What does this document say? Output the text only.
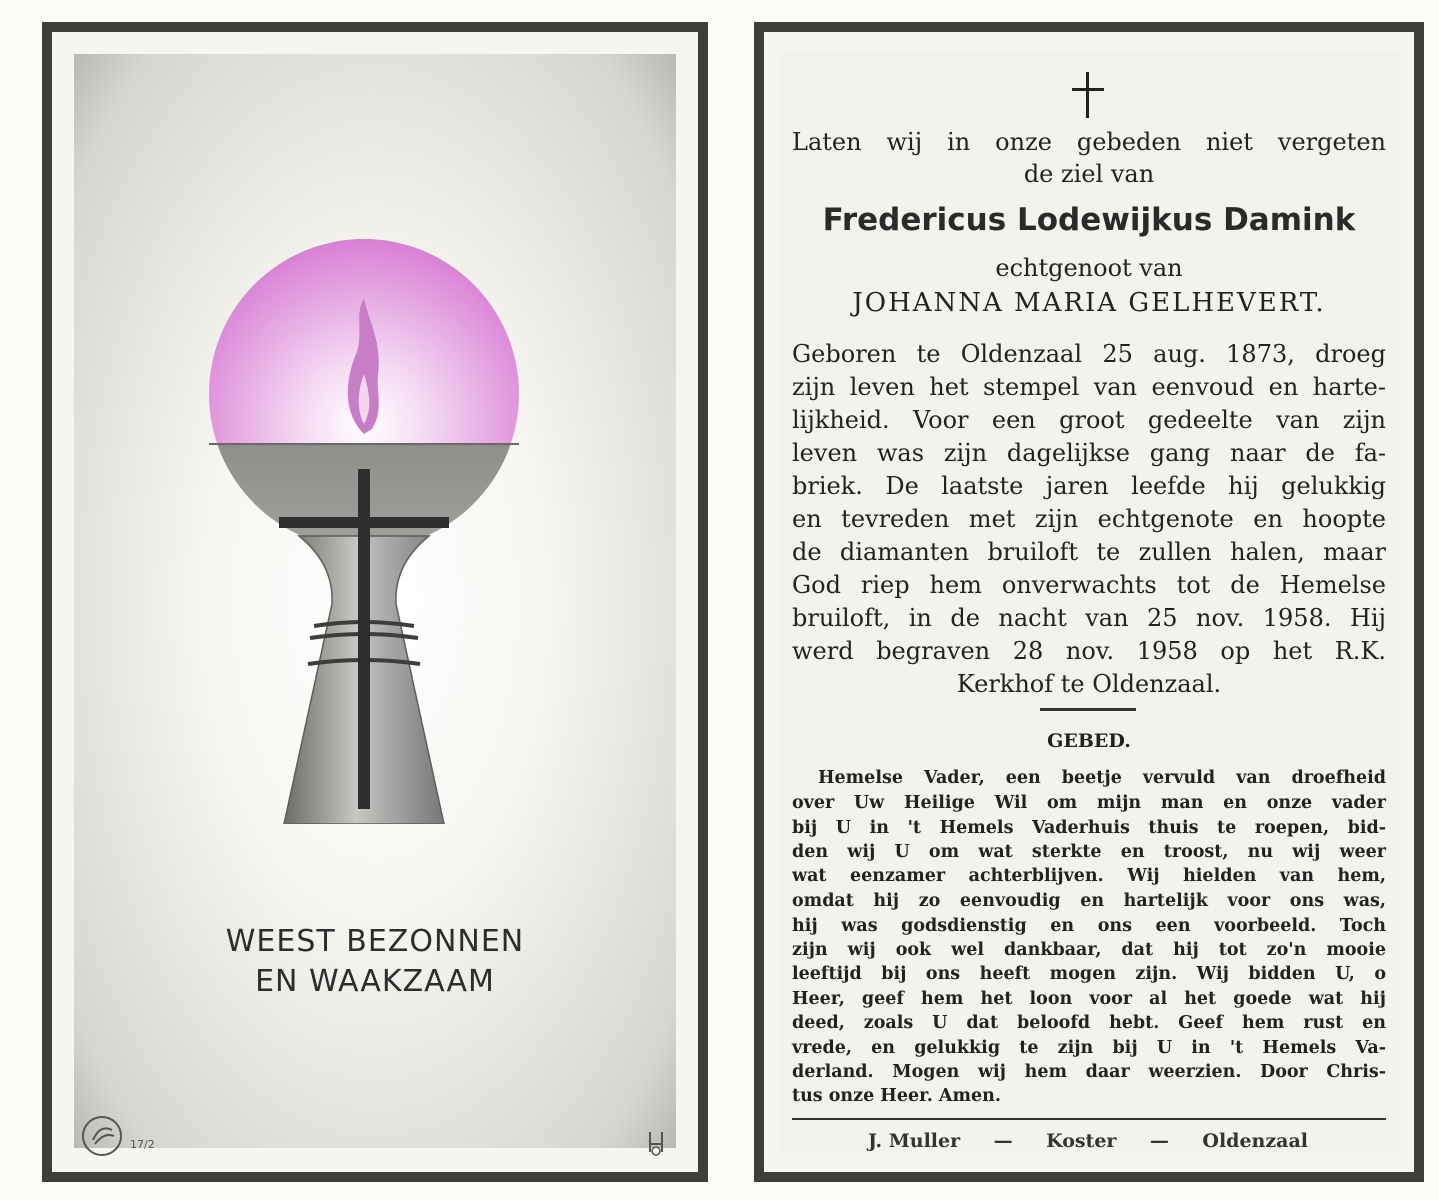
WEEST BEZONNEN
EN WAAKZAAM
17/2
Laten wij in onze gebeden niet vergeten
de ziel van
Fredericus Lodewijkus Damink
echtgenoot van
JOHANNA MARIA GELHEVERT.
Geboren te Oldenzaal 25 aug. 1873, droeg
zijn leven het stempel van eenvoud en harte-
lijkheid. Voor een groot gedeelte van zijn
leven was zijn dagelijkse gang naar de fa-
briek. De laatste jaren leefde hij gelukkig
en tevreden met zijn echtgenote en hoopte
de diamanten bruiloft te zullen halen, maar
God riep hem onverwachts tot de Hemelse
bruiloft, in de nacht van 25 nov. 1958. Hij
werd begraven 28 nov. 1958 op het R.K.
Kerkhof te Oldenzaal.
GEBED.
Hemelse Vader, een beetje vervuld van droefheid
over Uw Heilige Wil om mijn man en onze vader
bij U in 't Hemels Vaderhuis thuis te roepen, bid-
den wij U om wat sterkte en troost, nu wij weer
wat eenzamer achterblijven. Wij hielden van hem,
omdat hij zo eenvoudig en hartelijk voor ons was,
hij was godsdienstig en ons een voorbeeld. Toch
zijn wij ook wel dankbaar, dat hij tot zo'n mooie
leeftijd bij ons heeft mogen zijn. Wij bidden U, o
Heer, geef hem het loon voor al het goede wat hij
deed, zoals U dat beloofd hebt. Geef hem rust en
vrede, en gelukkig te zijn bij U in 't Hemels Va-
derland. Mogen wij hem daar weerzien. Door Chris-
tus onze Heer. Amen.
J. Muller — Koster — Oldenzaal
